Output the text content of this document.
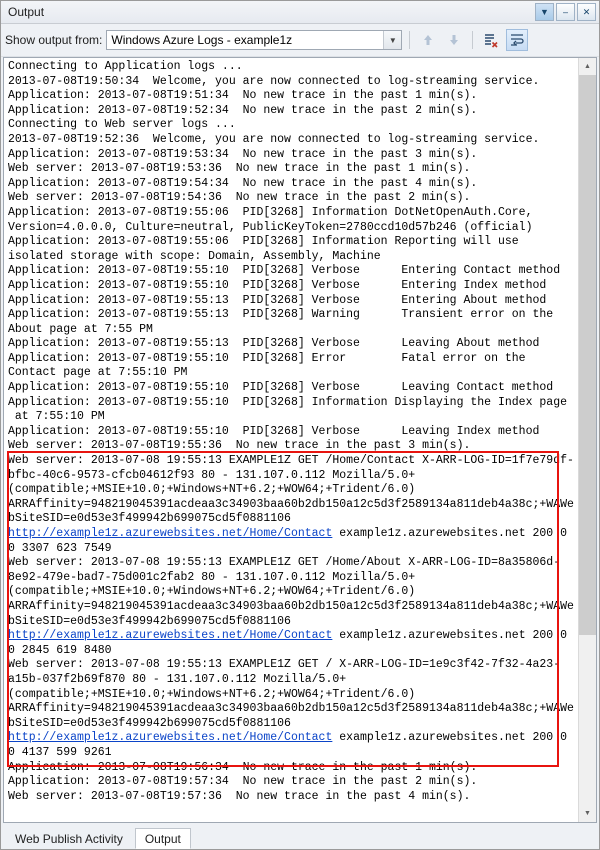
Output	▼ – ✕
Show output from: Windows Azure Logs - example1z	▼
Connecting to Application logs ...
2013-07-08T19:50:34  Welcome, you are now connected to log-streaming service.
Application: 2013-07-08T19:51:34  No new trace in the past 1 min(s).
Application: 2013-07-08T19:52:34  No new trace in the past 2 min(s).
Connecting to Web server logs ...
2013-07-08T19:52:36  Welcome, you are now connected to log-streaming service.
Application: 2013-07-08T19:53:34  No new trace in the past 3 min(s).
Web server: 2013-07-08T19:53:36  No new trace in the past 1 min(s).
Application: 2013-07-08T19:54:34  No new trace in the past 4 min(s).
Web server: 2013-07-08T19:54:36  No new trace in the past 2 min(s).
Application: 2013-07-08T19:55:06  PID[3268] Information DotNetOpenAuth.Core,
Version=4.0.0.0, Culture=neutral, PublicKeyToken=2780ccd10d57b246 (official)
Application: 2013-07-08T19:55:06  PID[3268] Information Reporting will use
isolated storage with scope: Domain, Assembly, Machine
Application: 2013-07-08T19:55:10  PID[3268] Verbose      Entering Contact method
Application: 2013-07-08T19:55:10  PID[3268] Verbose      Entering Index method
Application: 2013-07-08T19:55:13  PID[3268] Verbose      Entering About method
Application: 2013-07-08T19:55:13  PID[3268] Warning      Transient error on the
About page at 7:55 PM
Application: 2013-07-08T19:55:13  PID[3268] Verbose      Leaving About method
Application: 2013-07-08T19:55:10  PID[3268] Error        Fatal error on the
Contact page at 7:55:10 PM
Application: 2013-07-08T19:55:10  PID[3268] Verbose      Leaving Contact method
Application: 2013-07-08T19:55:10  PID[3268] Information Displaying the Index page
at 7:55:10 PM
Application: 2013-07-08T19:55:10  PID[3268] Verbose      Leaving Index method
Web server: 2013-07-08T19:55:36  No new trace in the past 3 min(s).
Web server: 2013-07-08 19:55:13 EXAMPLE1Z GET /Home/Contact X-ARR-LOG-ID=1f7e79df-bfbc-40c6-9573-cfcb04612f93 80 - 131.107.0.112 Mozilla/5.0+(compatible;+MSIE+10.0;+Windows+NT+6.2;+WOW64;+Trident/6.0) ARRAffinity=948219045391acdeaa3c34903baa60b2db150a12c5d3f2589134a811deb4a38c;+WAWebSiteSID=e0d53e3f499942b699075cd5f0881106 http://example1z.azurewebsites.net/Home/Contact example1z.azurewebsites.net 200 0 0 3307 623 7549
Web server: 2013-07-08 19:55:13 EXAMPLE1Z GET /Home/About X-ARR-LOG-ID=8a35806d-8e92-479e-bad7-75d001c2fab2 80 - 131.107.0.112 Mozilla/5.0+(compatible;+MSIE+10.0;+Windows+NT+6.2;+WOW64;+Trident/6.0) ARRAffinity=948219045391acdeaa3c34903baa60b2db150a12c5d3f2589134a811deb4a38c;+WAWebSiteSID=e0d53e3f499942b699075cd5f0881106 http://example1z.azurewebsites.net/Home/Contact example1z.azurewebsites.net 200 0 0 2845 619 8480
Web server: 2013-07-08 19:55:13 EXAMPLE1Z GET / X-ARR-LOG-ID=1e9c3f42-7f32-4a23-a15b-037f2b69f870 80 - 131.107.0.112 Mozilla/5.0+(compatible;+MSIE+10.0;+Windows+NT+6.2;+WOW64;+Trident/6.0) ARRAffinity=948219045391acdeaa3c34903baa60b2db150a12c5d3f2589134a811deb4a38c;+WAWebSiteSID=e0d53e3f499942b699075cd5f0881106 http://example1z.azurewebsites.net/Home/Contact example1z.azurewebsites.net 200 0 0 4137 599 9261
Application: 2013-07-08T19:56:34  No new trace in the past 1 min(s).
Application: 2013-07-08T19:57:34  No new trace in the past 2 min(s).
Web server: 2013-07-08T19:57:36  No new trace in the past 4 min(s).
▲
▼
Web Publish Activity Output
